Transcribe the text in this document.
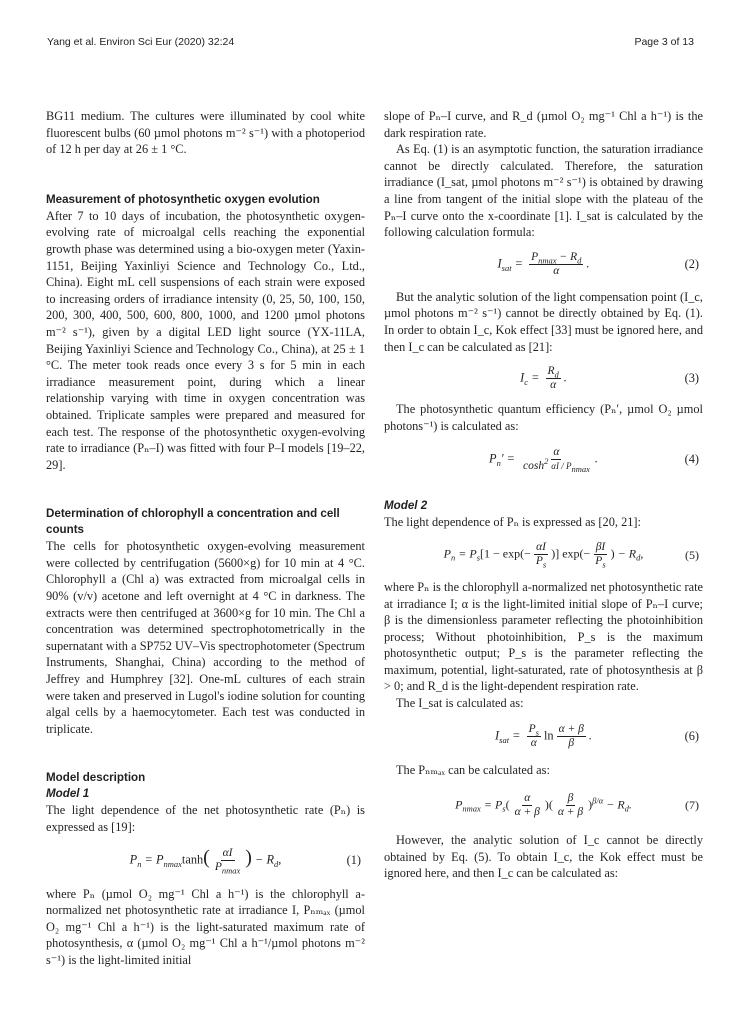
Yang et al. Environ Sci Eur (2020) 32:24	Page 3 of 13

BG11 medium. The cultures were illuminated by cool white fluorescent bulbs (60 µmol photons m⁻² s⁻¹) with a photoperiod of 12 h per day at 26 ± 1 °C.

Measurement of photosynthetic oxygen evolution

After 7 to 10 days of incubation, the photosynthetic oxygen-evolving rate of microalgal cells reaching the exponential growth phase was determined using a bio-oxygen meter (Yaxin-1151, Beijing Yaxinliyi Science and Technology Co., Ltd., China). Eight mL cell suspensions of each strain were exposed to increasing orders of irradiance intensity (0, 25, 50, 100, 150, 200, 300, 400, 500, 600, 800, 1000, and 1200 µmol photons m⁻² s⁻¹), given by a digital LED light source (YX-11LA, Beijing Yaxinliyi Science and Technology Co., China), at 25 ± 1 °C. The meter took reads once every 3 s for 5 min in each irradiance measurement point, during which a linear relationship varying with time in oxygen concentration was obtained. Triplicate samples were prepared and measured for each test. The response of the photosynthetic oxygen-evolving rate to irradiance (Pₙ–I) was fitted with four P–I models [19–22, 29].

Determination of chlorophyll a concentration and cell counts

The cells for photosynthetic oxygen-evolving measurement were collected by centrifugation (5600×g) for 10 min at 4 °C. Chlorophyll a (Chl a) was extracted from microalgal cells in 90% (v/v) acetone and left overnight at 4 °C in darkness. The extracts were then centrifuged at 3600×g for 10 min. The Chl a concentration was determined spectrophotometrically in the supernatant with a SP752 UV–Vis spectrophotometer (Spectrum Instruments, Shanghai, China) according to the method of Jeffrey and Humphrey [32]. One-mL cultures of each strain were taken and preserved in Lugol's iodine solution for counting algal cells by a haemocytometer. Each test was conducted in triplicate.

Model description
Model 1

The light dependence of the net photosynthetic rate (Pₙ) is expressed as [19]:

$P_n = P_{nmax}\tanh( \frac{\alpha I}{P_{nmax}}$ ) − $R_d$,	(1)

where Pₙ (µmol O₂ mg⁻¹ Chl a h⁻¹) is the chlorophyll a-normalized net photosynthetic rate at irradiance I, Pₙₘₐₓ (µmol O₂ mg⁻¹ Chl a h⁻¹) is the light-saturated maximum rate of photosynthesis, α (µmol O₂ mg⁻¹ Chl a h⁻¹/µmol photons m⁻² s⁻¹) is the light-limited initial

slope of Pₙ–I curve, and R_d (µmol O₂ mg⁻¹ Chl a h⁻¹) is the dark respiration rate.

As Eq. (1) is an asymptotic function, the saturation irradiance cannot be directly calculated. Therefore, the saturation irradiance (I_sat, µmol photons m⁻² s⁻¹) is obtained by drawing a line from tangent of the initial slope with the plateau of the Pₙ–I curve onto the x-coordinate [1]. I_sat is calculated by the following calculation formula:

$I_{sat} = \frac{P_{nmax} - R_d}{\alpha}$ .	(2)

But the analytic solution of the light compensation point (I_c, µmol photons m⁻² s⁻¹) cannot be directly obtained by Eq. (1). In order to obtain I_c, Kok effect [33] must be ignored here, and then I_c can be calculated as [21]:

$I_c = \frac{R_d}{\alpha}$ .	(3)

The photosynthetic quantum efficiency (Pₙ′, µmol O₂ µmol photons⁻¹) is calculated as:

$P_n' = \frac{\alpha}{\cosh^2 \alpha I / P_{nmax}}$ .	(4)
Model 2

The light dependence of Pₙ is expressed as [20, 21]:

$P_n = P_s[1 - \exp(- \frac{\alpha I}{P_s}$ )] $\exp(- \frac{\beta I}{P_s}$ ) − $R_d$,	(5)

where Pₙ is the chlorophyll a-normalized net photosynthetic rate at irradiance I; α is the light-limited initial slope of Pₙ–I curve; β is the dimensionless parameter reflecting the photoinhibition process; Without photoinhibition, P_s is the maximum photosynthetic output; P_s is the parameter reflecting the maximum, potential, light-saturated, rate of photosynthesis at β > 0; and R_d is the light-dependent respiration rate.

The I_sat is calculated as:

$I_{sat} = \frac{P_s}{\alpha}$ $\ln \frac{\alpha + \beta}{\beta}$ .	(6)

The Pₙₘₐₓ can be calculated as:

$P_{nmax} = P_s( \frac{\alpha}{\alpha + \beta}$ )( $\frac{\beta}{\alpha + \beta} )^{\beta/\alpha} - R_d$.	(7)

However, the analytic solution of I_c cannot be directly obtained by Eq. (5). To obtain I_c, the Kok effect must be ignored here, and then I_c can be calculated as:
